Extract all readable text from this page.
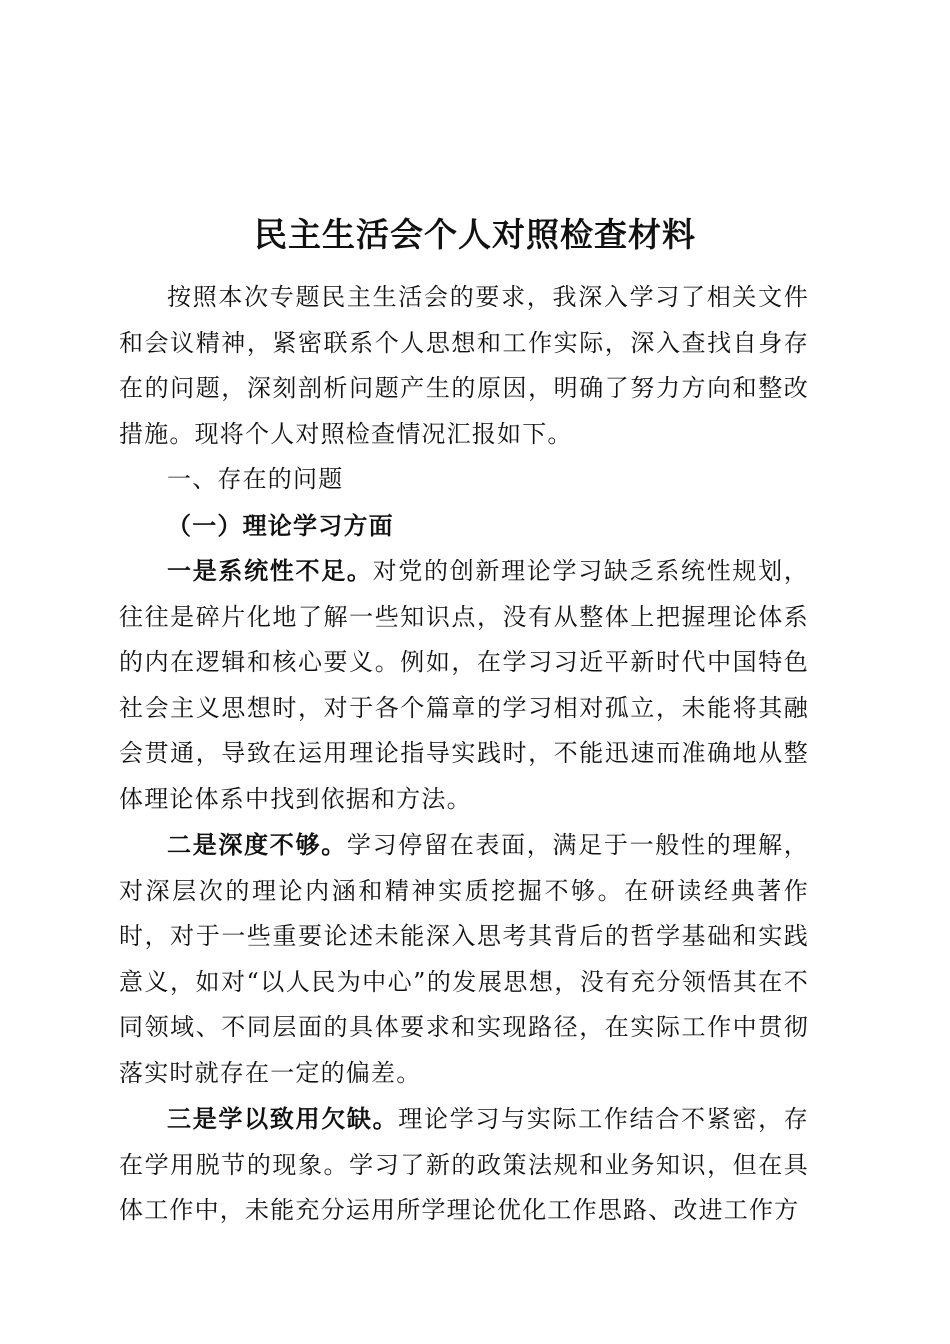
民主生活会个人对照检查材料

按照本次专题民主生活会的要求，我深入学习了相关文件和会议精神，紧密联系个人思想和工作实际，深入查找自身存在的问题，深刻剖析问题产生的原因，明确了努力方向和整改措施。现将个人对照检查情况汇报如下。

一、存在的问题

（一）理论学习方面

一是系统性不足。对党的创新理论学习缺乏系统性规划，往往是碎片化地了解一些知识点，没有从整体上把握理论体系的内在逻辑和核心要义。例如，在学习习近平新时代中国特色社会主义思想时，对于各个篇章的学习相对孤立，未能将其融会贯通，导致在运用理论指导实践时，不能迅速而准确地从整体理论体系中找到依据和方法。

二是深度不够。学习停留在表面，满足于一般性的理解，对深层次的理论内涵和精神实质挖掘不够。在研读经典著作时，对于一些重要论述未能深入思考其背后的哲学基础和实践意义，如对“以人民为中心”的发展思想，没有充分领悟其在不同领域、不同层面的具体要求和实现路径，在实际工作中贯彻落实时就存在一定的偏差。

三是学以致用欠缺。理论学习与实际工作结合不紧密，存在学用脱节的现象。学习了新的政策法规和业务知识，但在具体工作中，未能充分运用所学理论优化工作思路、改进工作方
